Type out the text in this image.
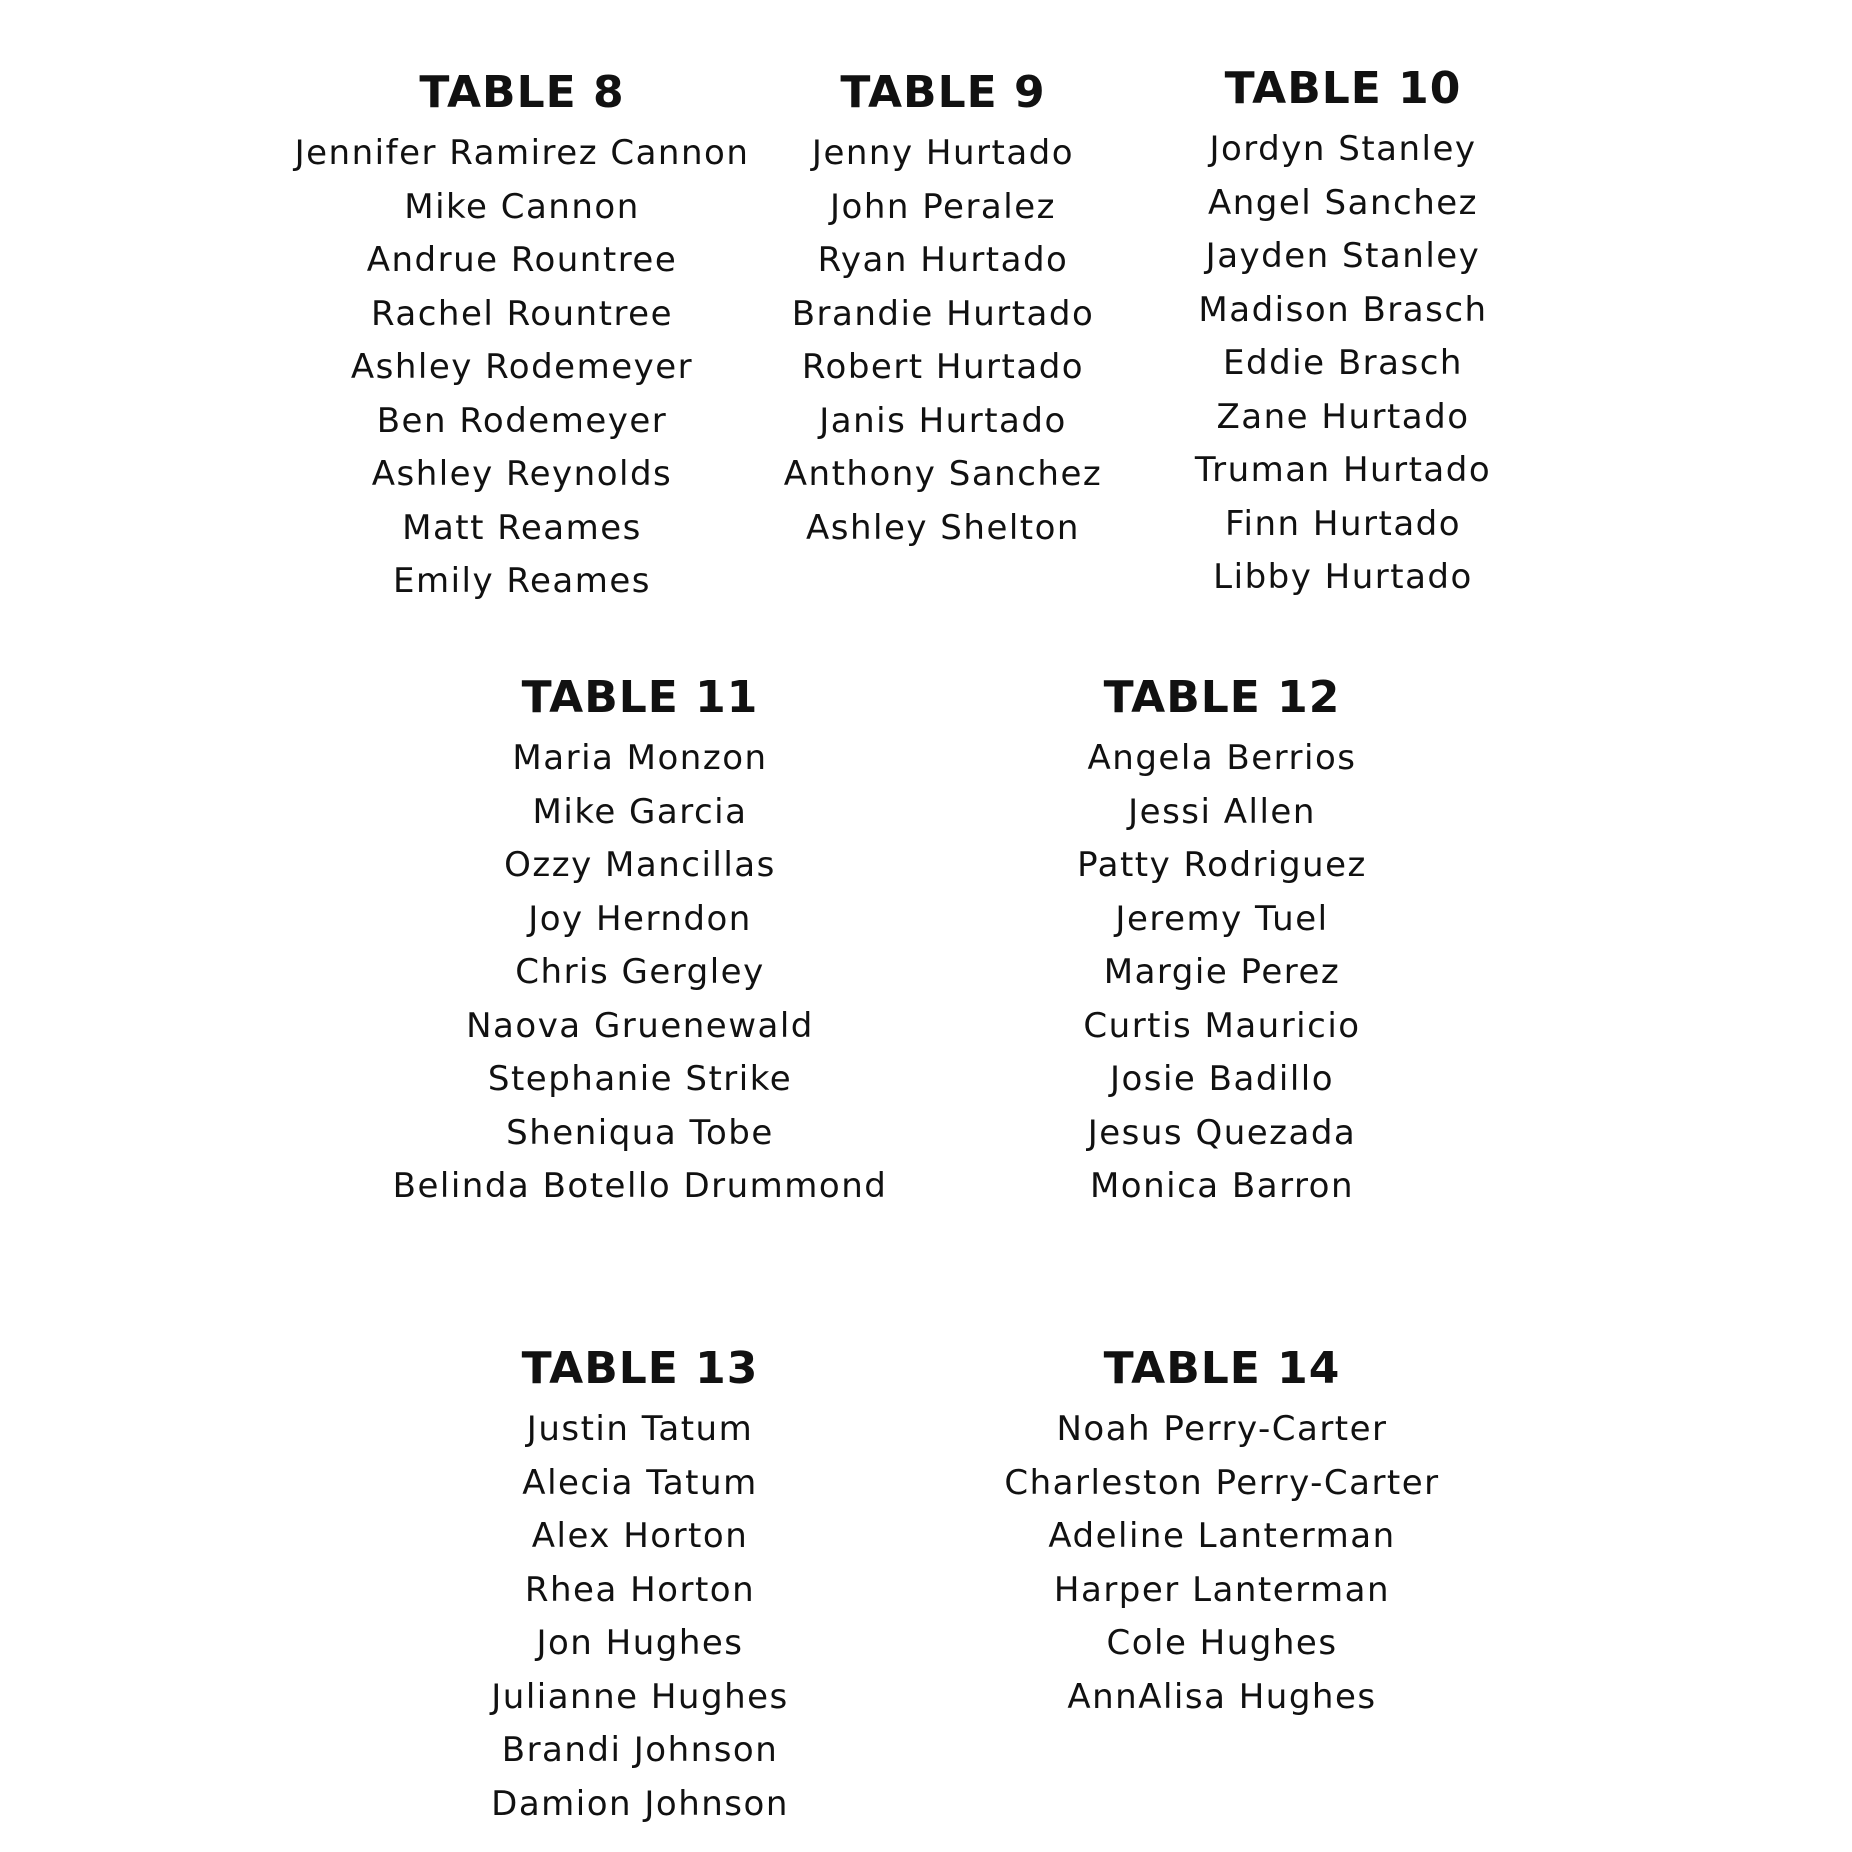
TABLE 8
Jennifer Ramirez Cannon
Mike Cannon
Andrue Rountree
Rachel Rountree
Ashley Rodemeyer
Ben Rodemeyer
Ashley Reynolds
Matt Reames
Emily Reames
TABLE 9
Jenny Hurtado
John Peralez
Ryan Hurtado
Brandie Hurtado
Robert Hurtado
Janis Hurtado
Anthony Sanchez
Ashley Shelton
TABLE 10
Jordyn Stanley
Angel Sanchez
Jayden Stanley
Madison Brasch
Eddie Brasch
Zane Hurtado
Truman Hurtado
Finn Hurtado
Libby Hurtado
TABLE 11
Maria Monzon
Mike Garcia
Ozzy Mancillas
Joy Herndon
Chris Gergley
Naova Gruenewald
Stephanie Strike
Sheniqua Tobe
Belinda Botello Drummond
TABLE 12
Angela Berrios
Jessi Allen
Patty Rodriguez
Jeremy Tuel
Margie Perez
Curtis Mauricio
Josie Badillo
Jesus Quezada
Monica Barron
TABLE 13
Justin Tatum
Alecia Tatum
Alex Horton
Rhea Horton
Jon Hughes
Julianne Hughes
Brandi Johnson
Damion Johnson
TABLE 14
Noah Perry-Carter
Charleston Perry-Carter
Adeline Lanterman
Harper Lanterman
Cole Hughes
AnnAlisa Hughes
